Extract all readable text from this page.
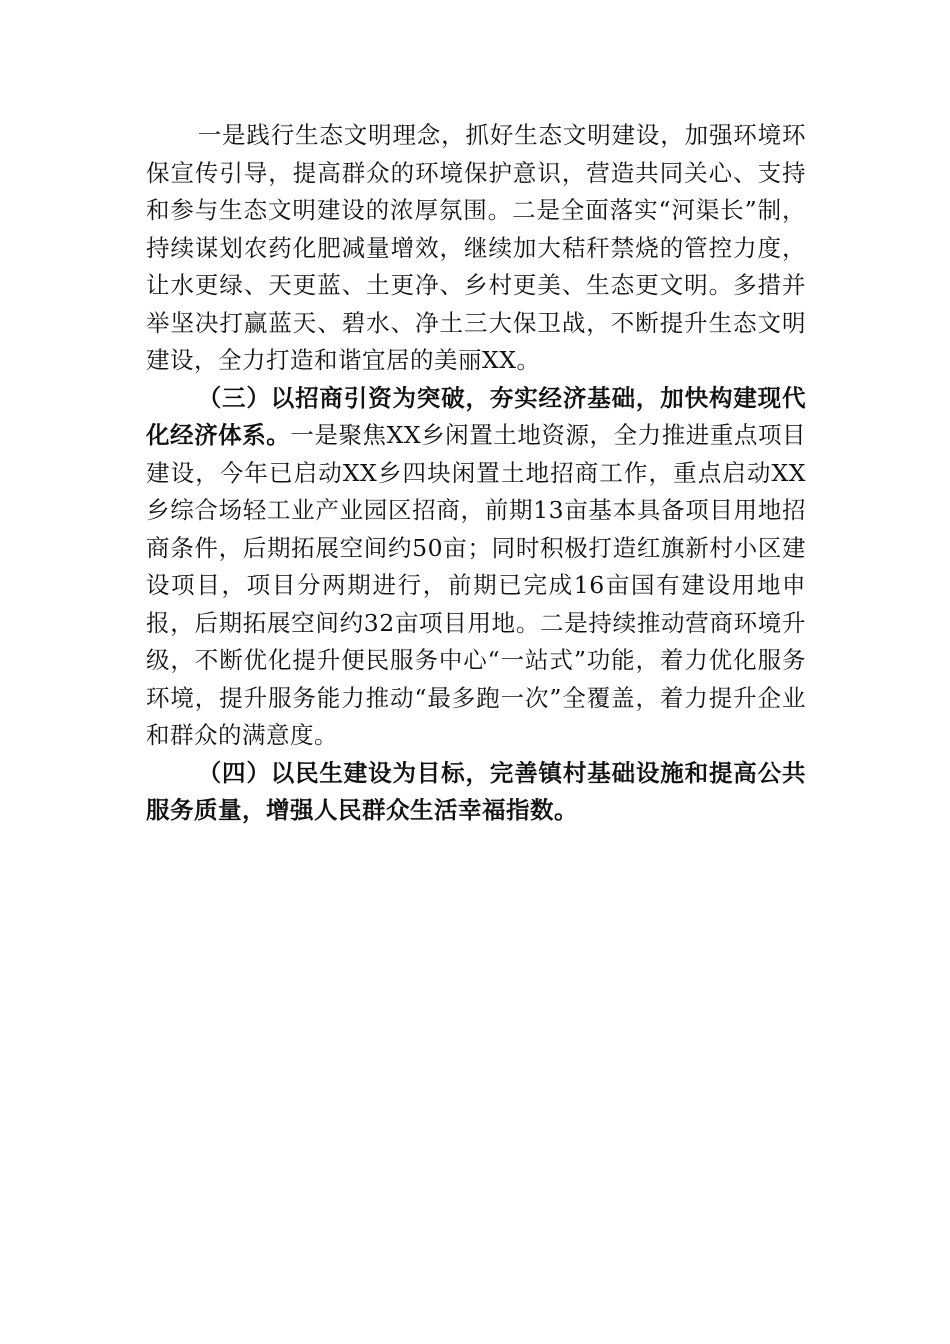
一是践行生态文明理念，抓好生态文明建设，加强环境环保宣传引导，提高群众的环境保护意识，营造共同关心、支持和参与生态文明建设的浓厚氛围。二是全面落实“河渠长”制，持续谋划农药化肥减量增效，继续加大秸秆禁烧的管控力度，让水更绿、天更蓝、土更净、乡村更美、生态更文明。多措并举坚决打赢蓝天、碧水、净土三大保卫战，不断提升生态文明建设，全力打造和谐宜居的美丽XX。

（三）以招商引资为突破，夯实经济基础，加快构建现代化经济体系。一是聚焦XX乡闲置土地资源，全力推进重点项目建设，今年已启动XX乡四块闲置土地招商工作，重点启动XX乡综合场轻工业产业园区招商，前期13亩基本具备项目用地招商条件，后期拓展空间约50亩；同时积极打造红旗新村小区建设项目，项目分两期进行，前期已完成16亩国有建设用地申报，后期拓展空间约32亩项目用地。二是持续推动营商环境升级，不断优化提升便民服务中心“一站式”功能，着力优化服务环境，提升服务能力推动“最多跑一次”全覆盖，着力提升企业和群众的满意度。

（四）以民生建设为目标，完善镇村基础设施和提高公共服务质量，增强人民群众生活幸福指数。
